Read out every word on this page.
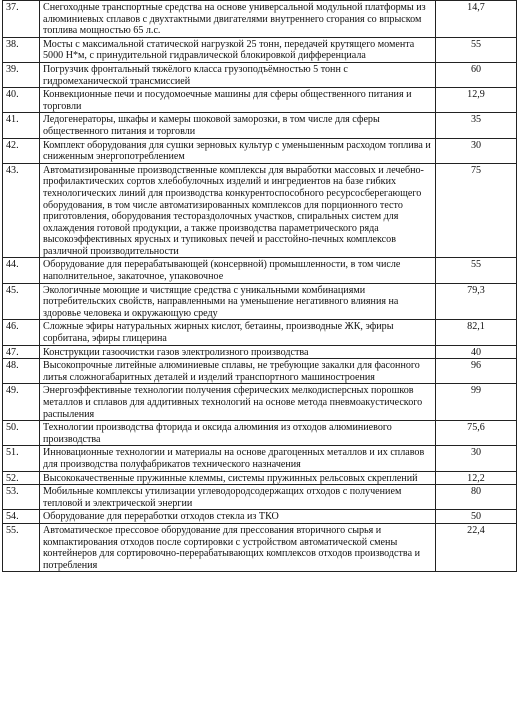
37.	Снегоходные транспортные средства на основе универсальной модульной платформы из алюминиевых сплавов с двухтактными двигателями внутреннего сгорания со впрыском топлива мощностью 65 л.с.	14,7
38.	Мосты с максимальной статической нагрузкой 25 тонн, передачей крутящего момента 5000 Н*м, с принудительной гидравлической блокировкой дифференциала	55
39.	Погрузчик фронтальный тяжёлого класса грузоподъёмностью 5 тонн с гидромеханической трансмиссией	60
40.	Конвекционные печи и посудомоечные машины для сферы общественного питания и торговли	12,9
41.	Ледогенераторы, шкафы и камеры шоковой заморозки, в том числе для сферы общественного питания и торговли	35
42.	Комплект оборудования для сушки зерновых культур с уменьшенным расходом топлива и сниженным энергопотреблением	30
43.	Автоматизированные производственные комплексы для выработки массовых и лечебно- профилактических сортов хлебобулочных изделий и ингредиентов на базе гибких технологических линий для производства конкурентоспособного ресурсосберегающего оборудования, в том числе автоматизированных комплексов для порционного тесто приготовления, оборудования тестораздолочных участков, спиральных систем для охлаждения готовой продукции, а также производства параметрического ряда высокоэффективных ярусных и тупиковых печей и расстойно-печных комплексов различной производительности	75
44.	Оборудование для перерабатывающей (консервной) промышленности, в том числе наполнительное, закаточное, упаковочное	55
45.	Экологичные моющие и чистящие средства с уникальными комбинациями потребительских свойств, направленными на уменьшение негативного влияния на здоровье человека и окружающую среду	79,3
46.	Сложные эфиры натуральных жирных кислот, бетаины, производные ЖК, эфиры сорбитана, эфиры глицерина	82,1
47.	Конструкции газоочистки газов электролизного производства	40
48.	Высокопрочные литейные алюминиевые сплавы, не требующие закалки для фасонного литья сложногабаритных деталей и изделий транспортного машиностроения	96
49.	Энергоэффективные технологии получения сферических мелкодисперсных порошков металлов и сплавов для аддитивных технологий на основе метода пневмоакустического распыления	99
50.	Технологии производства фторида и оксида алюминия из отходов алюминиевого производства	75,6
51.	Инновационные технологии и материалы на основе драгоценных металлов и их сплавов для производства полуфабрикатов технического назначения	30
52.	Высококачественные пружинные клеммы, системы пружинных рельсовых скреплений	12,2
53.	Мобильные комплексы утилизации углеводородсодержащих отходов с получением тепловой и электрической энергии	80
54.	Оборудование для переработки отходов стекла из ТКО	50
55.	Автоматическое прессовое оборудование для прессования вторичного сырья и компактирования отходов после сортировки с устройством автоматической смены контейнеров для сортировочно-перерабатывающих комплексов отходов производства и потребления	22,4
